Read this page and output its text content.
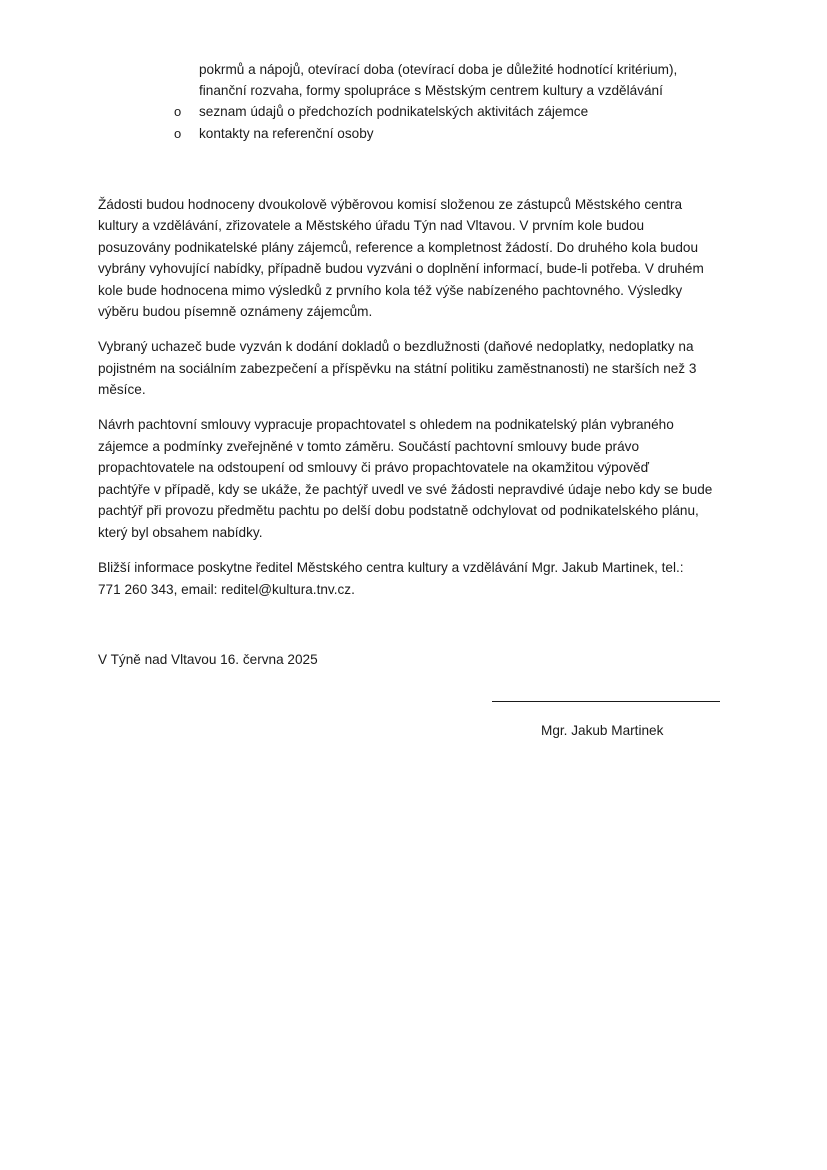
pokrmů a nápojů, otevírací doba (otevírací doba je důležité hodnotící kritérium),
finanční rozvaha, formy spolupráce s Městským centrem kultury a vzdělávání
o seznam údajů o předchozích podnikatelských aktivitách zájemce
o kontakty na referenční osoby
Žádosti budou hodnoceny dvoukolově výběrovou komisí složenou ze zástupců Městského centra
kultury a vzdělávání, zřizovatele a Městského úřadu Týn nad Vltavou. V prvním kole budou
posuzovány podnikatelské plány zájemců, reference a kompletnost žádostí. Do druhého kola budou
vybrány vyhovující nabídky, případně budou vyzváni o doplnění informací, bude-li potřeba. V druhém
kole bude hodnocena mimo výsledků z prvního kola též výše nabízeného pachtovného. Výsledky
výběru budou písemně oznámeny zájemcům.
Vybraný uchazeč bude vyzván k dodání dokladů o bezdlužnosti (daňové nedoplatky, nedoplatky na
pojistném na sociálním zabezpečení a příspěvku na státní politiku zaměstnanosti) ne starších než 3
měsíce.
Návrh pachtovní smlouvy vypracuje propachtovatel s ohledem na podnikatelský plán vybraného
zájemce a podmínky zveřejněné v tomto záměru. Součástí pachtovní smlouvy bude právo
propachtovatele na odstoupení od smlouvy či právo propachtovatele na okamžitou výpověď
pachtýře v případě, kdy se ukáže, že pachtýř uvedl ve své žádosti nepravdivé údaje nebo kdy se bude
pachtýř při provozu předmětu pachtu po delší dobu podstatně odchylovat od podnikatelského plánu,
který byl obsahem nabídky.
Bližší informace poskytne ředitel Městského centra kultury a vzdělávání Mgr. Jakub Martinek, tel.:
771 260 343, email: reditel@kultura.tnv.cz.
V Týně nad Vltavou 16. června 2025
Mgr. Jakub Martinek
